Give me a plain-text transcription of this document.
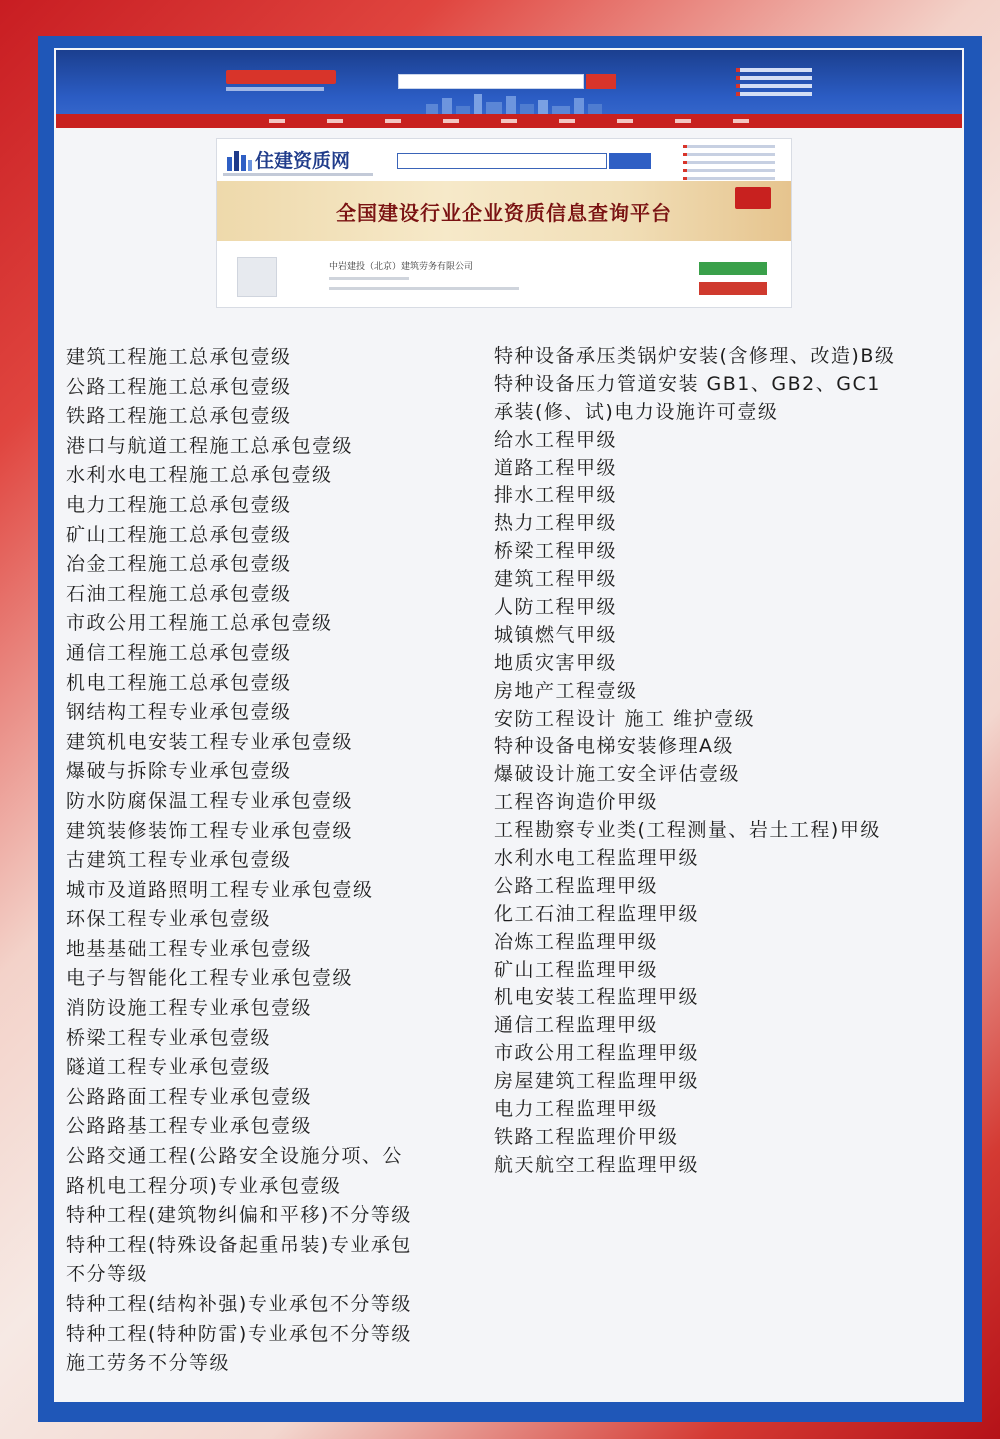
住建资质网
全国建设行业企业资质信息查询平台
中岩建投（北京）建筑劳务有限公司
建筑工程施工总承包壹级
公路工程施工总承包壹级
铁路工程施工总承包壹级
港口与航道工程施工总承包壹级
水利水电工程施工总承包壹级
电力工程施工总承包壹级
矿山工程施工总承包壹级
冶金工程施工总承包壹级
石油工程施工总承包壹级
市政公用工程施工总承包壹级
通信工程施工总承包壹级
机电工程施工总承包壹级
钢结构工程专业承包壹级
建筑机电安装工程专业承包壹级
爆破与拆除专业承包壹级
防水防腐保温工程专业承包壹级
建筑装修装饰工程专业承包壹级
古建筑工程专业承包壹级
城市及道路照明工程专业承包壹级
环保工程专业承包壹级
地基基础工程专业承包壹级
电子与智能化工程专业承包壹级
消防设施工程专业承包壹级
桥梁工程专业承包壹级
隧道工程专业承包壹级
公路路面工程专业承包壹级
公路路基工程专业承包壹级
公路交通工程(公路安全设施分项、公
路机电工程分项)专业承包壹级
特种工程(建筑物纠偏和平移)不分等级
特种工程(特殊设备起重吊装)专业承包
不分等级
特种工程(结构补强)专业承包不分等级
特种工程(特种防雷)专业承包不分等级
施工劳务不分等级
特种设备承压类锅炉安装(含修理、改造)B级
特种设备压力管道安装 GB1、GB2、GC1
承装(修、试)电力设施许可壹级
给水工程甲级
道路工程甲级
排水工程甲级
热力工程甲级
桥梁工程甲级
建筑工程甲级
人防工程甲级
城镇燃气甲级
地质灾害甲级
房地产工程壹级
安防工程设计 施工 维护壹级
特种设备电梯安装修理A级
爆破设计施工安全评估壹级
工程咨询造价甲级
工程勘察专业类(工程测量、岩土工程)甲级
水利水电工程监理甲级
公路工程监理甲级
化工石油工程监理甲级
冶炼工程监理甲级
矿山工程监理甲级
机电安装工程监理甲级
通信工程监理甲级
市政公用工程监理甲级
房屋建筑工程监理甲级
电力工程监理甲级
铁路工程监理价甲级
航天航空工程监理甲级
